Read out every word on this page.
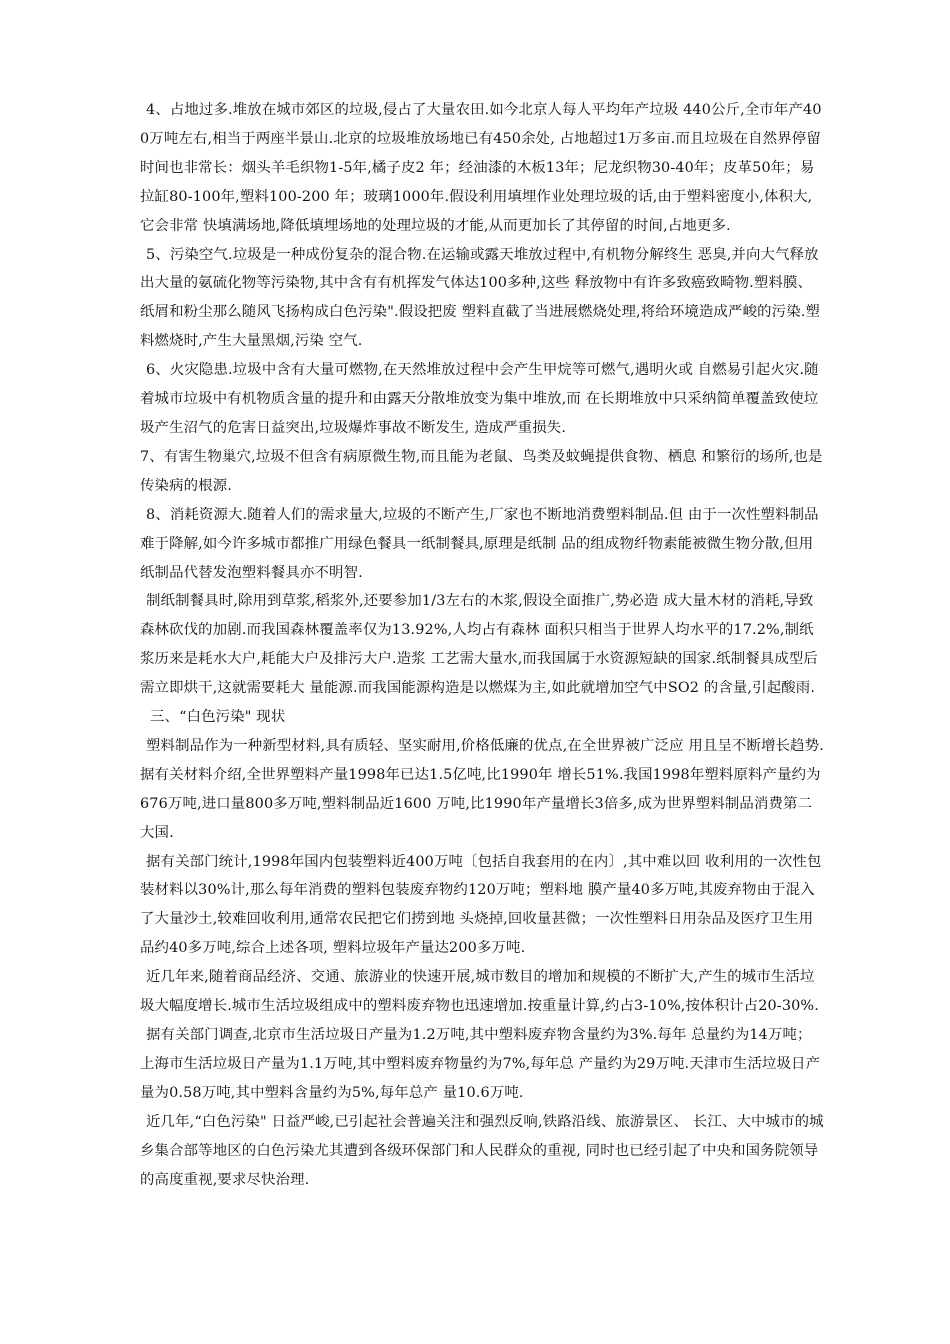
4、占地过多.堆放在城市郊区的垃圾,侵占了大量农田.如今北京人每人平均年产垃圾 440公斤,全市年产400万吨左右,相当于两座半景山.北京的垃圾堆放场地已有450余处, 占地超过1万多亩.而且垃圾在自然界停留时间也非常长：烟头羊毛织物1-5年,橘子皮2 年；经油漆的木板13年；尼龙织物30-40年；皮革50年；易拉缸80-100年,塑料100-200 年；玻璃1000年.假设利用填埋作业处理垃圾的话,由于塑料密度小,体积大,它会非常 快填满场地,降低填埋场地的处理垃圾的才能,从而更加长了其停留的时间,占地更多.

5、污染空气.垃圾是一种成份复杂的混合物.在运输或露天堆放过程中,有机物分解终生 恶臭,并向大气释放出大量的氨硫化物等污染物,其中含有有机挥发气体达100多种,这些 释放物中有许多致癌致畸物.塑料膜、纸屑和粉尘那么随风飞扬构成白色污染".假设把废 塑料直截了当进展燃烧处理,将给环境造成严峻的污染.塑料燃烧时,产生大量黑烟,污染 空气.

6、火灾隐患.垃圾中含有大量可燃物,在天然堆放过程中会产生甲烷等可燃气,遇明火或 自燃易引起火灾.随着城市垃圾中有机物质含量的提升和由露天分散堆放变为集中堆放,而 在长期堆放中只采纳简单覆盖致使垃圾产生沼气的危害日益突出,垃圾爆炸事故不断发生, 造成严重损失.

7、有害生物巢穴,垃圾不但含有病原微生物,而且能为老鼠、鸟类及蚊蝇提供食物、栖息 和繁衍的场所,也是传染病的根源.

8、消耗资源大.随着人们的需求量大,垃圾的不断产生,厂家也不断地消费塑料制品.但 由于一次性塑料制品难于降解,如今许多城市都推广用绿色餐具一纸制餐具,原理是纸制 品的组成物纤物素能被微生物分散,但用纸制品代替发泡塑料餐具亦不明智.

制纸制餐具时,除用到草浆,稻浆外,还要参加1/3左右的木浆,假设全面推广,势必造 成大量木材的消耗,导致森林砍伐的加剧.而我国森林覆盖率仅为13.92%,人均占有森林 面积只相当于世界人均水平的17.2%,制纸浆历来是耗水大户,耗能大户及排污大户.造浆 工艺需大量水,而我国属于水资源短缺的国家.纸制餐具成型后需立即烘干,这就需要耗大 量能源.而我国能源构造是以燃煤为主,如此就增加空气中SO2 的含量,引起酸雨.

三、“白色污染" 现状

塑料制品作为一种新型材料,具有质轻、坚实耐用,价格低廉的优点,在全世界被广泛应 用且呈不断增长趋势.据有关材料介绍,全世界塑料产量1998年已达1.5亿吨,比1990年 增长51%.我国1998年塑料原料产量约为676万吨,进口量800多万吨,塑料制品近1600 万吨,比1990年产量增长3倍多,成为世界塑料制品消费第二大国.

据有关部门统计,1998年国内包装塑料近400万吨〔包括自我套用的在内〕,其中难以回 收利用的一次性包装材料以30%计,那么每年消费的塑料包装废弃物约120万吨；塑料地 膜产量40多万吨,其废弃物由于混入了大量沙土,较难回收利用,通常农民把它们捞到地 头烧掉,回收量甚微；一次性塑料日用杂品及医疗卫生用品约40多万吨,综合上述各项, 塑料垃圾年产量达200多万吨.

近几年来,随着商品经济、交通、旅游业的快速开展,城市数目的增加和规模的不断扩大,产生的城市生活垃圾大幅度增长.城市生活垃圾组成中的塑料废弃物也迅速增加.按重量计算,约占3-10%,按体积计占20-30%.

据有关部门调查,北京市生活垃圾日产量为1.2万吨,其中塑料废弃物含量约为3%.每年 总量约为14万吨；上海市生活垃圾日产量为1.1万吨,其中塑料废弃物量约为7%,每年总 产量约为29万吨.天津市生活垃圾日产量为0.58万吨,其中塑料含量约为5%,每年总产 量10.6万吨.

近几年,“白色污染" 日益严峻,已引起社会普遍关注和强烈反响,铁路沿线、旅游景区、 长江、大中城市的城乡集合部等地区的白色污染尤其遭到各级环保部门和人民群众的重视, 同时也已经引起了中央和国务院领导的高度重视,要求尽快治理.
